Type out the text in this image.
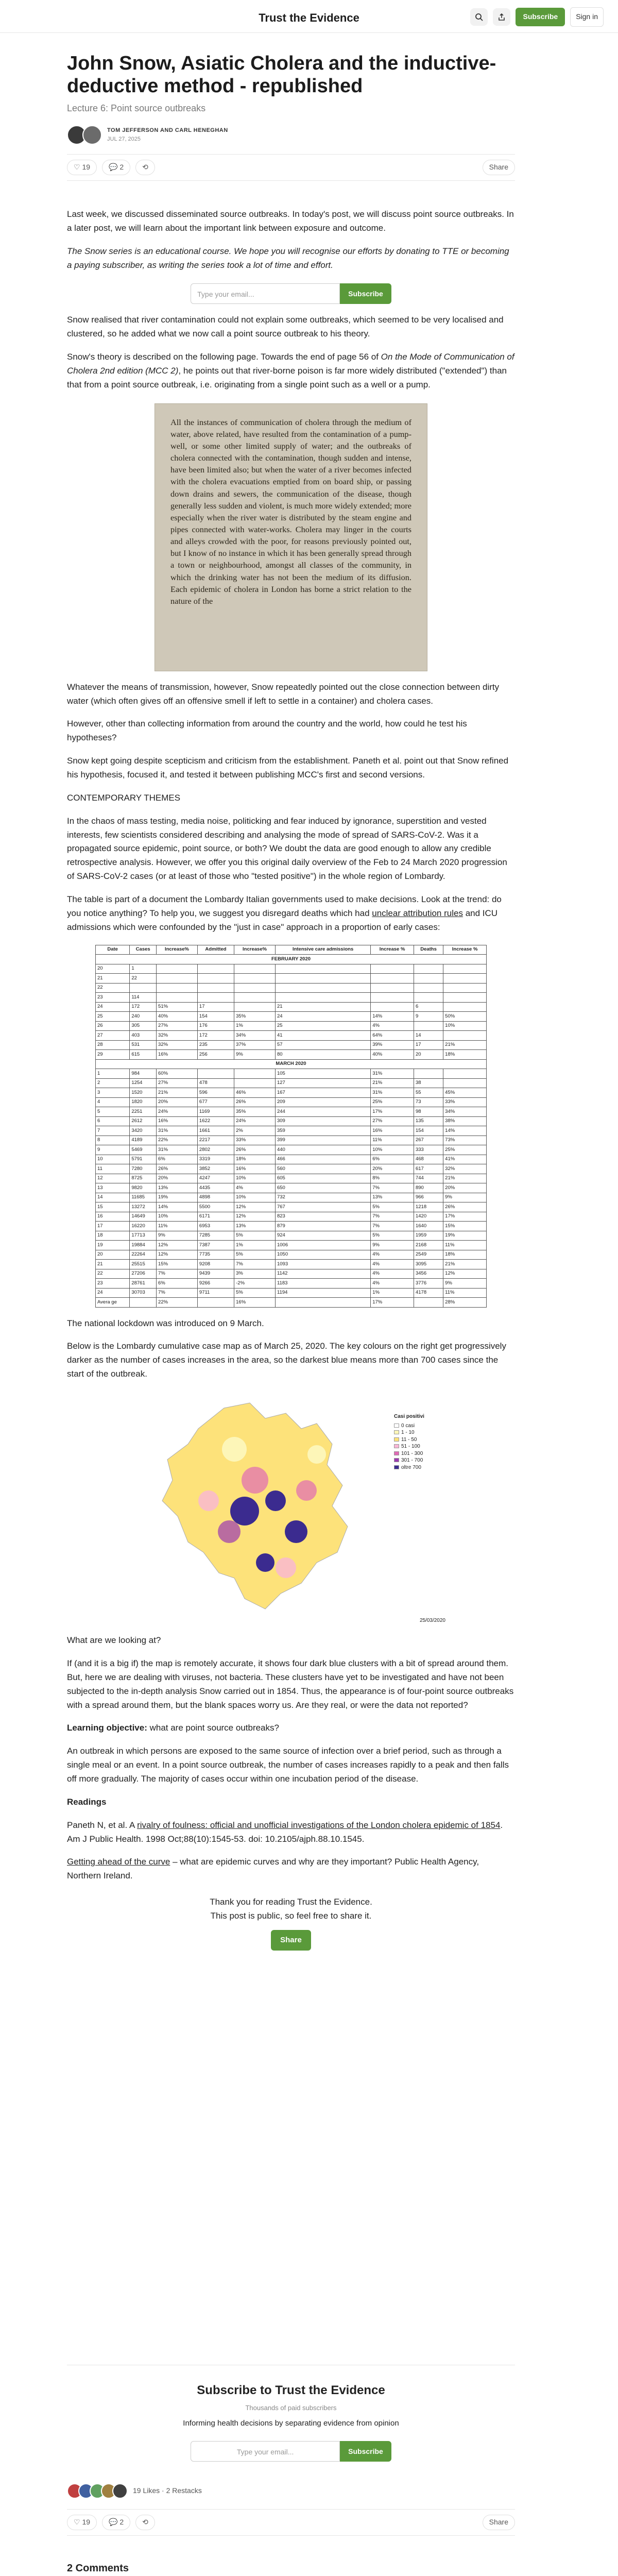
Trust the Evidence	Subscribe	Sign in
John Snow, Asiatic Cholera and the inductive-deductive method - republished
Lecture 6: Point source outbreaks
TOM JEFFERSON AND CARL HENEGHAN
JUL 27, 2025
♡ 19	💬 2	⟲	Share

Last week, we discussed disseminated source outbreaks. In today's post, we will discuss point source outbreaks. In a later post, we will learn about the important link between exposure and outcome.

The Snow series is an educational course. We hope you will recognise our efforts by donating to TTE or becoming a paying subscriber, as writing the series took a lot of time and effort.

Type your email...	Subscribe

Snow realised that river contamination could not explain some outbreaks, which seemed to be very localised and clustered, so he added what we now call a point source outbreak to his theory.

Snow's theory is described on the following page. Towards the end of page 56 of On the Mode of Communication of Cholera 2nd edition (MCC 2), he points out that river-borne poison is far more widely distributed ("extended") than that from a point source outbreak, i.e. originating from a single point such as a well or a pump.

All the instances of communication of cholera through the medium of water, above related, have resulted from the contamination of a pump-well, or some other limited supply of water; and the outbreaks of cholera connected with the contamination, though sudden and intense, have been limited also; but when the water of a river becomes infected with the cholera evacuations emptied from on board ship, or passing down drains and sewers, the communication of the disease, though generally less sudden and violent, is much more widely extended; more especially when the river water is distributed by the steam engine and pipes connected with water-works. Cholera may linger in the courts and alleys crowded with the poor, for reasons previously pointed out, but I know of no instance in which it has been generally spread through a town or neighbourhood, amongst all classes of the community, in which the drinking water has not been the medium of its diffusion. Each epidemic of cholera in London has borne a strict relation to the nature of the

Whatever the means of transmission, however, Snow repeatedly pointed out the close connection between dirty water (which often gives off an offensive smell if left to settle in a container) and cholera cases.

However, other than collecting information from around the country and the world, how could he test his hypotheses?

Snow kept going despite scepticism and criticism from the establishment. Paneth et al. point out that Snow refined his hypothesis, focused it, and tested it between publishing MCC's first and second versions.

CONTEMPORARY THEMES

In the chaos of mass testing, media noise, politicking and fear induced by ignorance, superstition and vested interests, few scientists considered describing and analysing the mode of spread of SARS-CoV-2. Was it a propagated source epidemic, point source, or both? We doubt the data are good enough to allow any credible retrospective analysis. However, we offer you this original daily overview of the Feb to 24 March 2020 progression of SARS-CoV-2 cases (or at least of those who "tested positive") in the whole region of Lombardy.

The table is part of a document the Lombardy Italian governments used to make decisions. Look at the trend: do you notice anything? To help you, we suggest you disregard deaths which had unclear attribution rules and ICU admissions which were confounded by the "just in case" approach in a proportion of early cases:

Date	Cases	Increase%	Admitted	Increase%	Intensive care admissions	Increase %	Deaths	Increase %
FEBRUARY 2020								
20	1							
21	22							
22								
23	114							
24	172	51%	17		21		6	
25	240	40%	154	35%	24	14%	9	50%
26	305	27%	176	1%	25	4%		10%
27	403	32%	172	34%	41	64%	14	
28	531	32%	235	37%	57	39%	17	21%
29	615	16%	256	9%	80	40%	20	18%
MARCH 2020								
1	984	60%			105	31%		
2	1254	27%	478		127	21%	38	
3	1520	21%	596	46%	167	31%	55	45%
4	1820	20%	677	26%	209	25%	73	33%
5	2251	24%	1169	35%	244	17%	98	34%
6	2612	16%	1622	24%	309	27%	135	38%
7	3420	31%	1661	2%	359	16%	154	14%
8	4189	22%	2217	33%	399	11%	267	73%
9	5469	31%	2802	26%	440	10%	333	25%
10	5791	6%	3319	18%	466	6%	468	41%
11	7280	26%	3852	16%	560	20%	617	32%
12	8725	20%	4247	10%	605	8%	744	21%
13	9820	13%	4435	4%	650	7%	890	20%
14	11685	19%	4898	10%	732	13%	966	9%
15	13272	14%	5500	12%	767	5%	1218	26%
16	14649	10%	6171	12%	823	7%	1420	17%
17	16220	11%	6953	13%	879	7%	1640	15%
18	17713	9%	7285	5%	924	5%	1959	19%
19	19884	12%	7387	1%	1006	9%	2168	11%
20	22264	12%	7735	5%	1050	4%	2549	18%
21	25515	15%	9208	7%	1093	4%	3095	21%
22	27206	7%	9439	3%	1142	4%	3456	12%
23	28761	6%	9266	-2%	1183	4%	3776	9%
24	30703	7%	9711	5%	1194	1%	4178	11%
Avera ge		22%		16%		17%		28%

The national lockdown was introduced on 9 March.

Below is the Lombardy cumulative case map as of March 25, 2020. The key colours on the right get progressively darker as the number of cases increases in the area, so the darkest blue means more than 700 cases since the start of the outbreak.

Casi positivi
0 casi
1 - 10
11 - 50
51 - 100
101 - 300
301 - 700
oltre 700
25/03/2020

What are we looking at?

If (and it is a big if) the map is remotely accurate, it shows four dark blue clusters with a bit of spread around them. But, here we are dealing with viruses, not bacteria. These clusters have yet to be investigated and have not been subjected to the in-depth analysis Snow carried out in 1854. Thus, the appearance is of four-point source outbreaks with a spread around them, but the blank spaces worry us. Are they real, or were the data not reported?

Learning objective: what are point source outbreaks?

An outbreak in which persons are exposed to the same source of infection over a brief period, such as through a single meal or an event. In a point source outbreak, the number of cases increases rapidly to a peak and then falls off more gradually. The majority of cases occur within one incubation period of the disease.

Readings

Paneth N, et al. A rivalry of foulness: official and unofficial investigations of the London cholera epidemic of 1854. Am J Public Health. 1998 Oct;88(10):1545-53. doi: 10.2105/ajph.88.10.1545.

Getting ahead of the curve – what are epidemic curves and why are they important? Public Health Agency, Northern Ireland.

Thank you for reading Trust the Evidence.

This post is public, so feel free to share it.

Share
Subscribe to Trust the Evidence
Thousands of paid subscribers
Informing health decisions by separating evidence from opinion
Type your email...	Subscribe
19 Likes · 2 Restacks
♡ 19	💬 2	⟲	Share
2 Comments
